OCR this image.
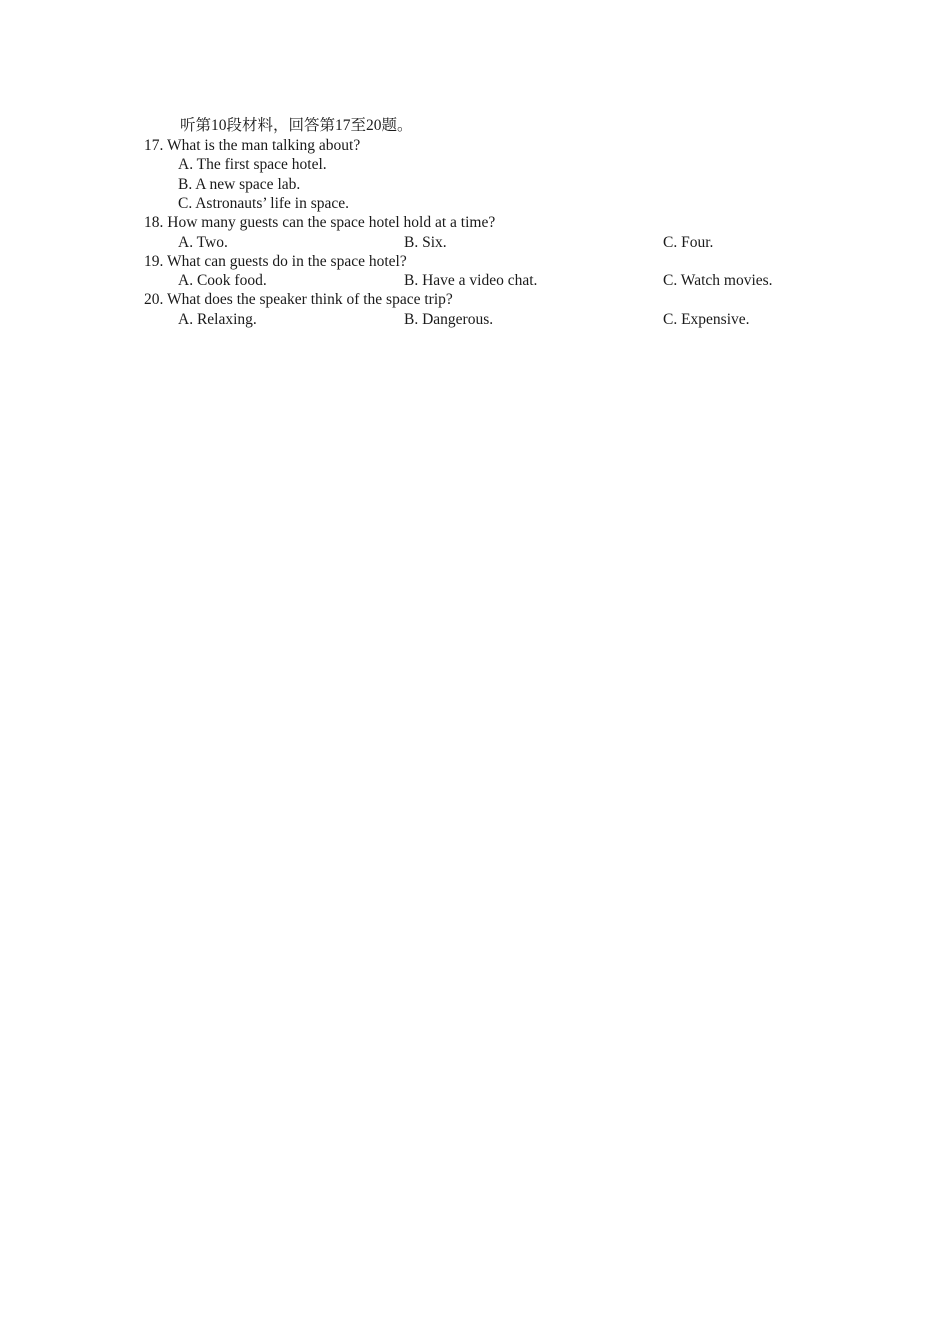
听第10段材料，回答第17至20题。
17. What is the man talking about?
A. The first space hotel.
B. A new space lab.
C. Astronauts’ life in space.
18. How many guests can the space hotel hold at a time?
A. Two.	B. Six.	C. Four.
19. What can guests do in the space hotel?
A. Cook food.	B. Have a video chat.	C. Watch movies.
20. What does the speaker think of the space trip?
A. Relaxing.	B. Dangerous.	C. Expensive.
